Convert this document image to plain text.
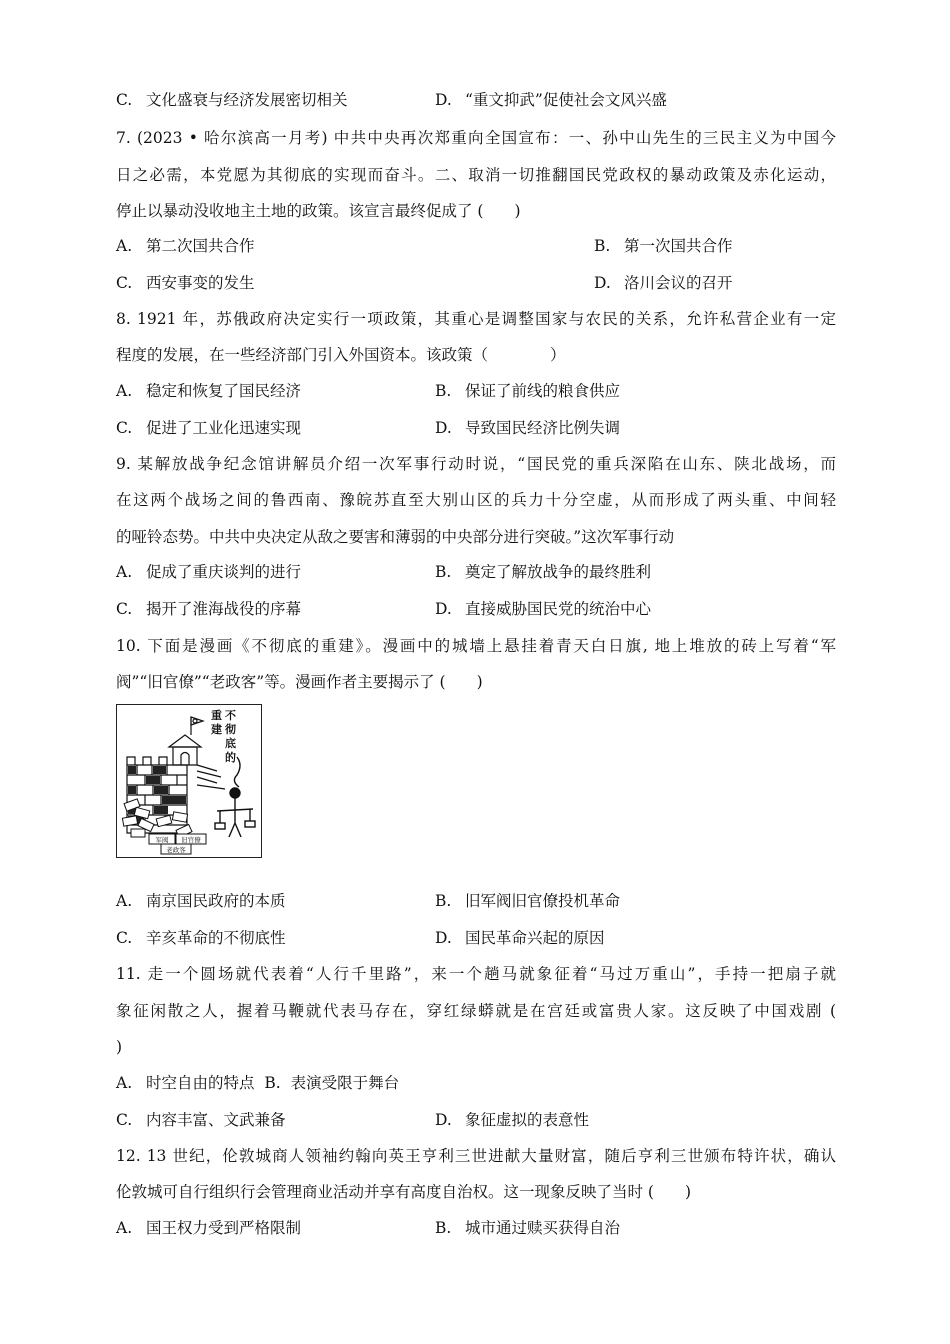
C. 文化盛衰与经济发展密切相关	D. “重文抑武”促使社会文风兴盛
7. (2023 • 哈尔滨高一月考) 中共中央再次郑重向全国宣布：一、孙中山先生的三民主义为中国今
日之必需，本党愿为其彻底的实现而奋斗。二、取消一切推翻国民党政权的暴动政策及赤化运动，
停止以暴动没收地主土地的政策。该宣言最终促成了 (　　)
A. 第二次国共合作	B. 第一次国共合作
C. 西安事变的发生	D. 洛川会议的召开
8. 1921 年，苏俄政府决定实行一项政策，其重心是调整国家与农民的关系，允许私营企业有一定
程度的发展，在一些经济部门引入外国资本。该政策（　　　　）
A. 稳定和恢复了国民经济	B. 保证了前线的粮食供应
C. 促进了工业化迅速实现	D. 导致国民经济比例失调
9. 某解放战争纪念馆讲解员介绍一次军事行动时说，“国民党的重兵深陷在山东、陕北战场，而
在这两个战场之间的鲁西南、豫皖苏直至大别山区的兵力十分空虚，从而形成了两头重、中间轻
的哑铃态势。中共中央决定从敌之要害和薄弱的中央部分进行突破。”这次军事行动
A. 促成了重庆谈判的进行	B. 奠定了解放战争的最终胜利
C. 揭开了淮海战役的序幕	D. 直接威胁国民党的统治中心
10. 下面是漫画《不彻底的重建》。漫画中的城墙上悬挂着青天白日旗, 地上堆放的砖上写着“军
阀”“旧官僚”“老政客”等。漫画作者主要揭示了 (　　)
军阀 旧官僚
老政客
重
建
不
彻
底
的
A. 南京国民政府的本质	B. 旧军阀旧官僚投机革命
C. 辛亥革命的不彻底性	D. 国民革命兴起的原因
11. 走一个圆场就代表着“人行千里路”，来一个趟马就象征着“马过万重山”，手持一把扇子就
象征闲散之人，握着马鞭就代表马存在，穿红绿蟒就是在宫廷或富贵人家。这反映了中国戏剧 (
)
A. 时空自由的特点 B. 表演受限于舞台
C. 内容丰富、文武兼备	D. 象征虚拟的表意性
12. 13 世纪，伦敦城商人领袖约翰向英王亨利三世进献大量财富，随后亨利三世颁布特许状，确认
伦敦城可自行组织行会管理商业活动并享有高度自治权。这一现象反映了当时 (　　)
A. 国王权力受到严格限制	B. 城市通过赎买获得自治
